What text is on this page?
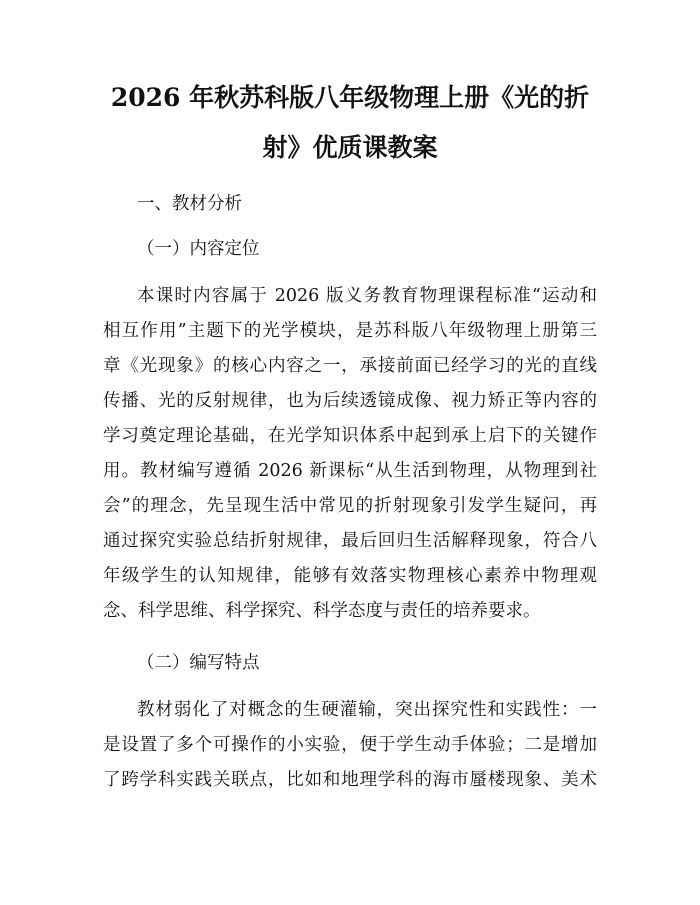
2026 年秋苏科版八年级物理上册《光的折
射》优质课教案
一、教材分析
（一）内容定位
本课时内容属于 2026 版义务教育物理课程标准“运动和
相互作用”主题下的光学模块，是苏科版八年级物理上册第三
章《光现象》的核心内容之一，承接前面已经学习的光的直线
传播、光的反射规律，也为后续透镜成像、视力矫正等内容的
学习奠定理论基础，在光学知识体系中起到承上启下的关键作
用。教材编写遵循 2026 新课标“从生活到物理，从物理到社
会”的理念，先呈现生活中常见的折射现象引发学生疑问，再
通过探究实验总结折射规律，最后回归生活解释现象，符合八
年级学生的认知规律，能够有效落实物理核心素养中物理观
念、科学思维、科学探究、科学态度与责任的培养要求。
（二）编写特点
教材弱化了对概念的生硬灌输，突出探究性和实践性：一
是设置了多个可操作的小实验，便于学生动手体验；二是增加
了跨学科实践关联点，比如和地理学科的海市蜃楼现象、美术
